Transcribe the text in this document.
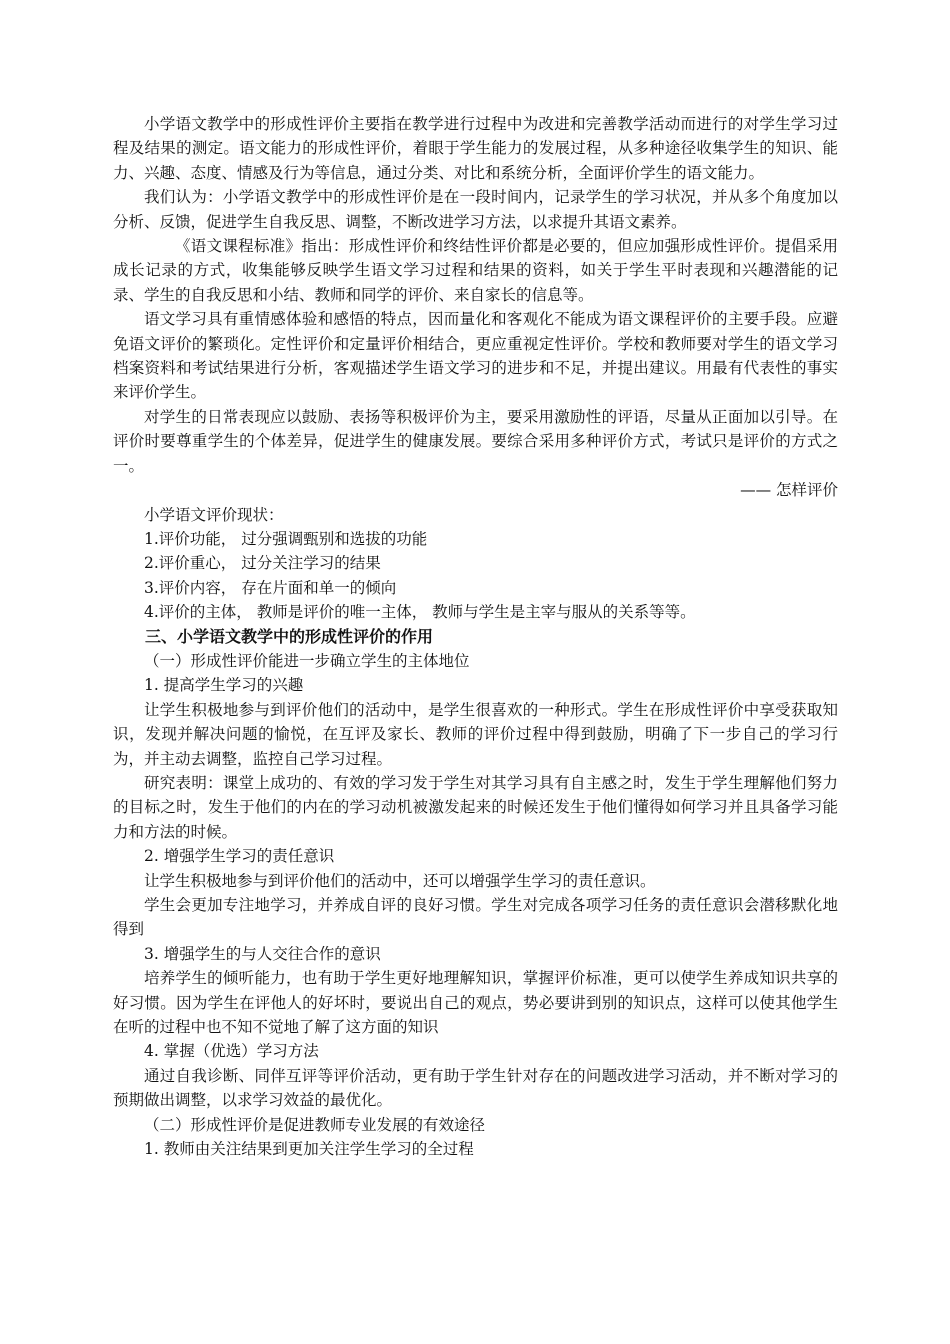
小学语文教学中的形成性评价主要指在教学进行过程中为改进和完善教学活动而进行的对学生学习过程及结果的测定。语文能力的形成性评价，着眼于学生能力的发展过程，从多种途径收集学生的知识、能力、兴趣、态度、情感及行为等信息，通过分类、对比和系统分析，全面评价学生的语文能力。

我们认为：小学语文教学中的形成性评价是在一段时间内，记录学生的学习状况，并从多个角度加以分析、反馈，促进学生自我反思、调整，不断改进学习方法，以求提升其语文素养。

《语文课程标准》指出：形成性评价和终结性评价都是必要的，但应加强形成性评价。提倡采用成长记录的方式，收集能够反映学生语文学习过程和结果的资料，如关于学生平时表现和兴趣潜能的记录、学生的自我反思和小结、教师和同学的评价、来自家长的信息等。

语文学习具有重情感体验和感悟的特点，因而量化和客观化不能成为语文课程评价的主要手段。应避免语文评价的繁琐化。定性评价和定量评价相结合，更应重视定性评价。学校和教师要对学生的语文学习档案资料和考试结果进行分析，客观描述学生语文学习的进步和不足，并提出建议。用最有代表性的事实来评价学生。

对学生的日常表现应以鼓励、表扬等积极评价为主，要采用激励性的评语，尽量从正面加以引导。在评价时要尊重学生的个体差异，促进学生的健康发展。要综合采用多种评价方式，考试只是评价的方式之一。

—— 怎样评价

小学语文评价现状：

1.评价功能， 过分强调甄别和选拔的功能

2.评价重心， 过分关注学习的结果

3.评价内容， 存在片面和单一的倾向

4.评价的主体， 教师是评价的唯一主体， 教师与学生是主宰与服从的关系等等。

三、小学语文教学中的形成性评价的作用

（一）形成性评价能进一步确立学生的主体地位

1. 提高学生学习的兴趣

让学生积极地参与到评价他们的活动中，是学生很喜欢的一种形式。学生在形成性评价中享受获取知识，发现并解决问题的愉悦，在互评及家长、教师的评价过程中得到鼓励，明确了下一步自己的学习行为，并主动去调整，监控自己学习过程。

研究表明：课堂上成功的、有效的学习发于学生对其学习具有自主感之时，发生于学生理解他们努力的目标之时，发生于他们的内在的学习动机被激发起来的时候还发生于他们懂得如何学习并且具备学习能力和方法的时候。

2. 增强学生学习的责任意识

让学生积极地参与到评价他们的活动中，还可以增强学生学习的责任意识。

学生会更加专注地学习，并养成自评的良好习惯。学生对完成各项学习任务的责任意识会潜移默化地得到

3. 增强学生的与人交往合作的意识

培养学生的倾听能力，也有助于学生更好地理解知识，掌握评价标准，更可以使学生养成知识共享的好习惯。因为学生在评他人的好坏时，要说出自己的观点，势必要讲到别的知识点，这样可以使其他学生在听的过程中也不知不觉地了解了这方面的知识

4. 掌握（优选）学习方法

通过自我诊断、同伴互评等评价活动，更有助于学生针对存在的问题改进学习活动，并不断对学习的预期做出调整，以求学习效益的最优化。

（二）形成性评价是促进教师专业发展的有效途径

1. 教师由关注结果到更加关注学生学习的全过程
